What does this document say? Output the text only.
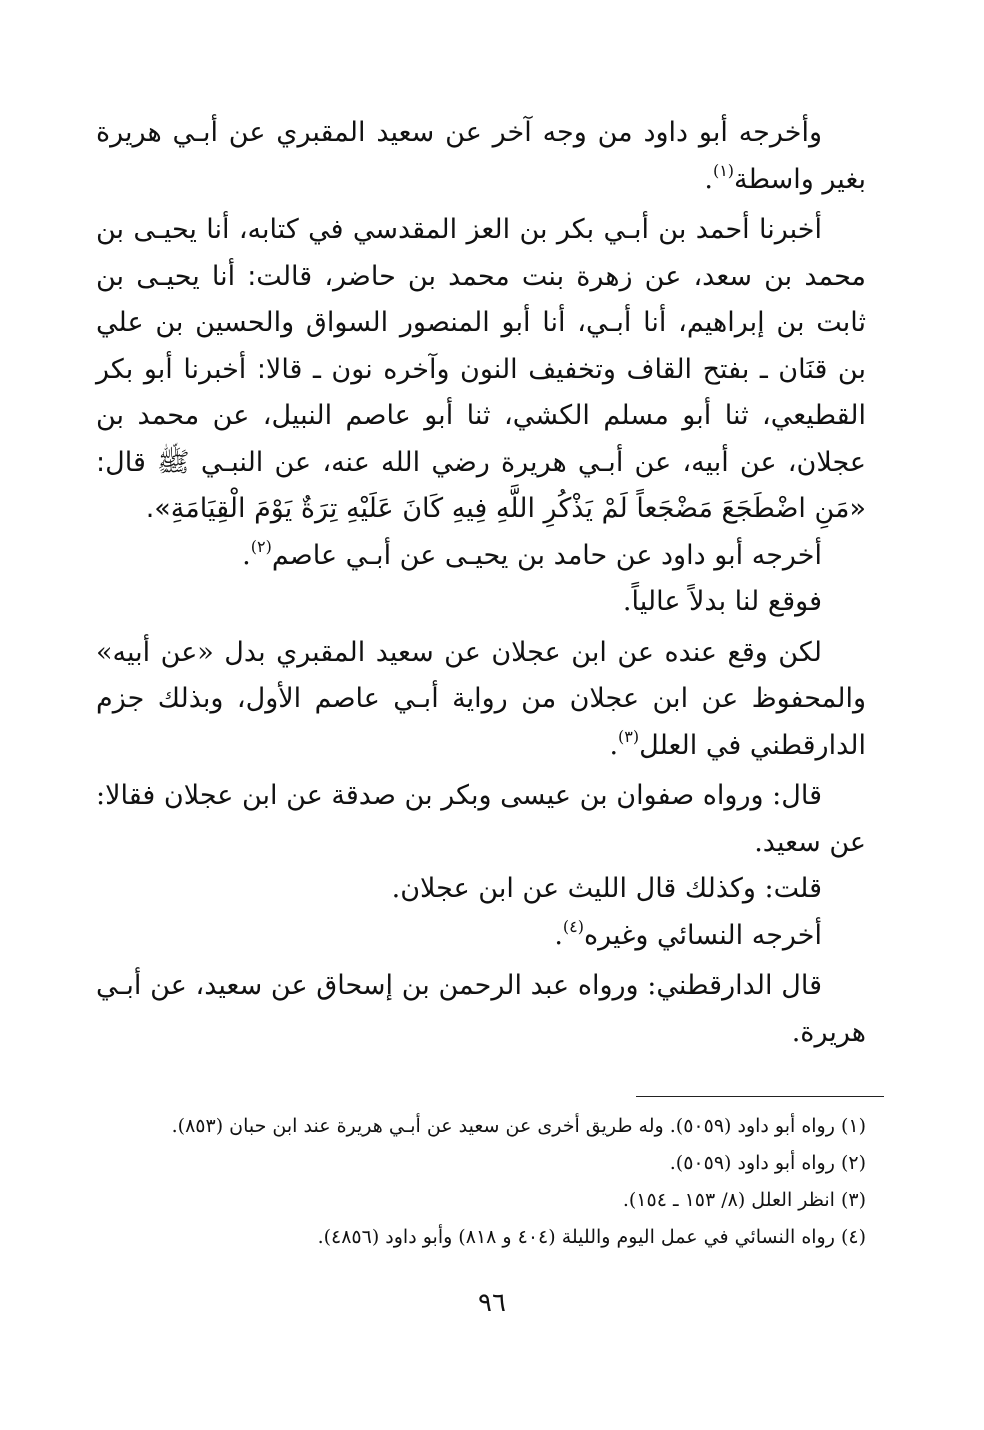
وأخرجه أبو داود من وجه آخر عن سعيد المقبري عن أبـي هريرة بغير واسطة$^{(١)}$.

أخبرنا أحمد بن أبـي بكر بن العز المقدسي في كتابه، أنا يحيـى بن محمد بن سعد، عن زهرة بنت محمد بن حاضر، قالت: أنا يحيـى بن ثابت بن إبراهيم، أنا أبـي، أنا أبو المنصور السواق والحسين بن علي بن قنَان ـ بفتح القاف وتخفيف النون وآخره نون ـ قالا: أخبرنا أبو بكر القطيعي، ثنا أبو مسلم الكشي، ثنا أبو عاصم النبيل، عن محمد بن عجلان، عن أبيه، عن أبـي هريرة رضي الله عنه، عن النبـي ﷺ قال: «مَنِ اضْطَجَعَ مَضْجَعاً لَمْ يَذْكُرِ اللَّهِ فِيهِ كَانَ عَلَيْهِ تِرَةٌ يَوْمَ الْقِيَامَةِ».

أخرجه أبو داود عن حامد بن يحيـى عن أبـي عاصم$^{(٢)}$.

فوقع لنا بدلاً عالياً.

لكن وقع عنده عن ابن عجلان عن سعيد المقبري بدل «عن أبيه» والمحفوظ عن ابن عجلان من رواية أبـي عاصم الأول، وبذلك جزم الدارقطني في العلل$^{(٣)}$.

قال: ورواه صفوان بن عيسى وبكر بن صدقة عن ابن عجلان فقالا: عن سعيد.

قلت: وكذلك قال الليث عن ابن عجلان.

أخرجه النسائي وغيره$^{(٤)}$.

قال الدارقطني: ورواه عبد الرحمن بن إسحاق عن سعيد، عن أبـي هريرة.

(١) رواه أبو داود (٥٠٥٩). وله طريق أخرى عن سعيد عن أبـي هريرة عند ابن حبان (٨٥٣).

(٢) رواه أبو داود (٥٠٥٩).

(٣) انظر العلل (٨/ ١٥٣ ـ ١٥٤).

(٤) رواه النسائي في عمل اليوم والليلة (٤٠٤ و ٨١٨) وأبو داود (٤٨٥٦).

٩٦
